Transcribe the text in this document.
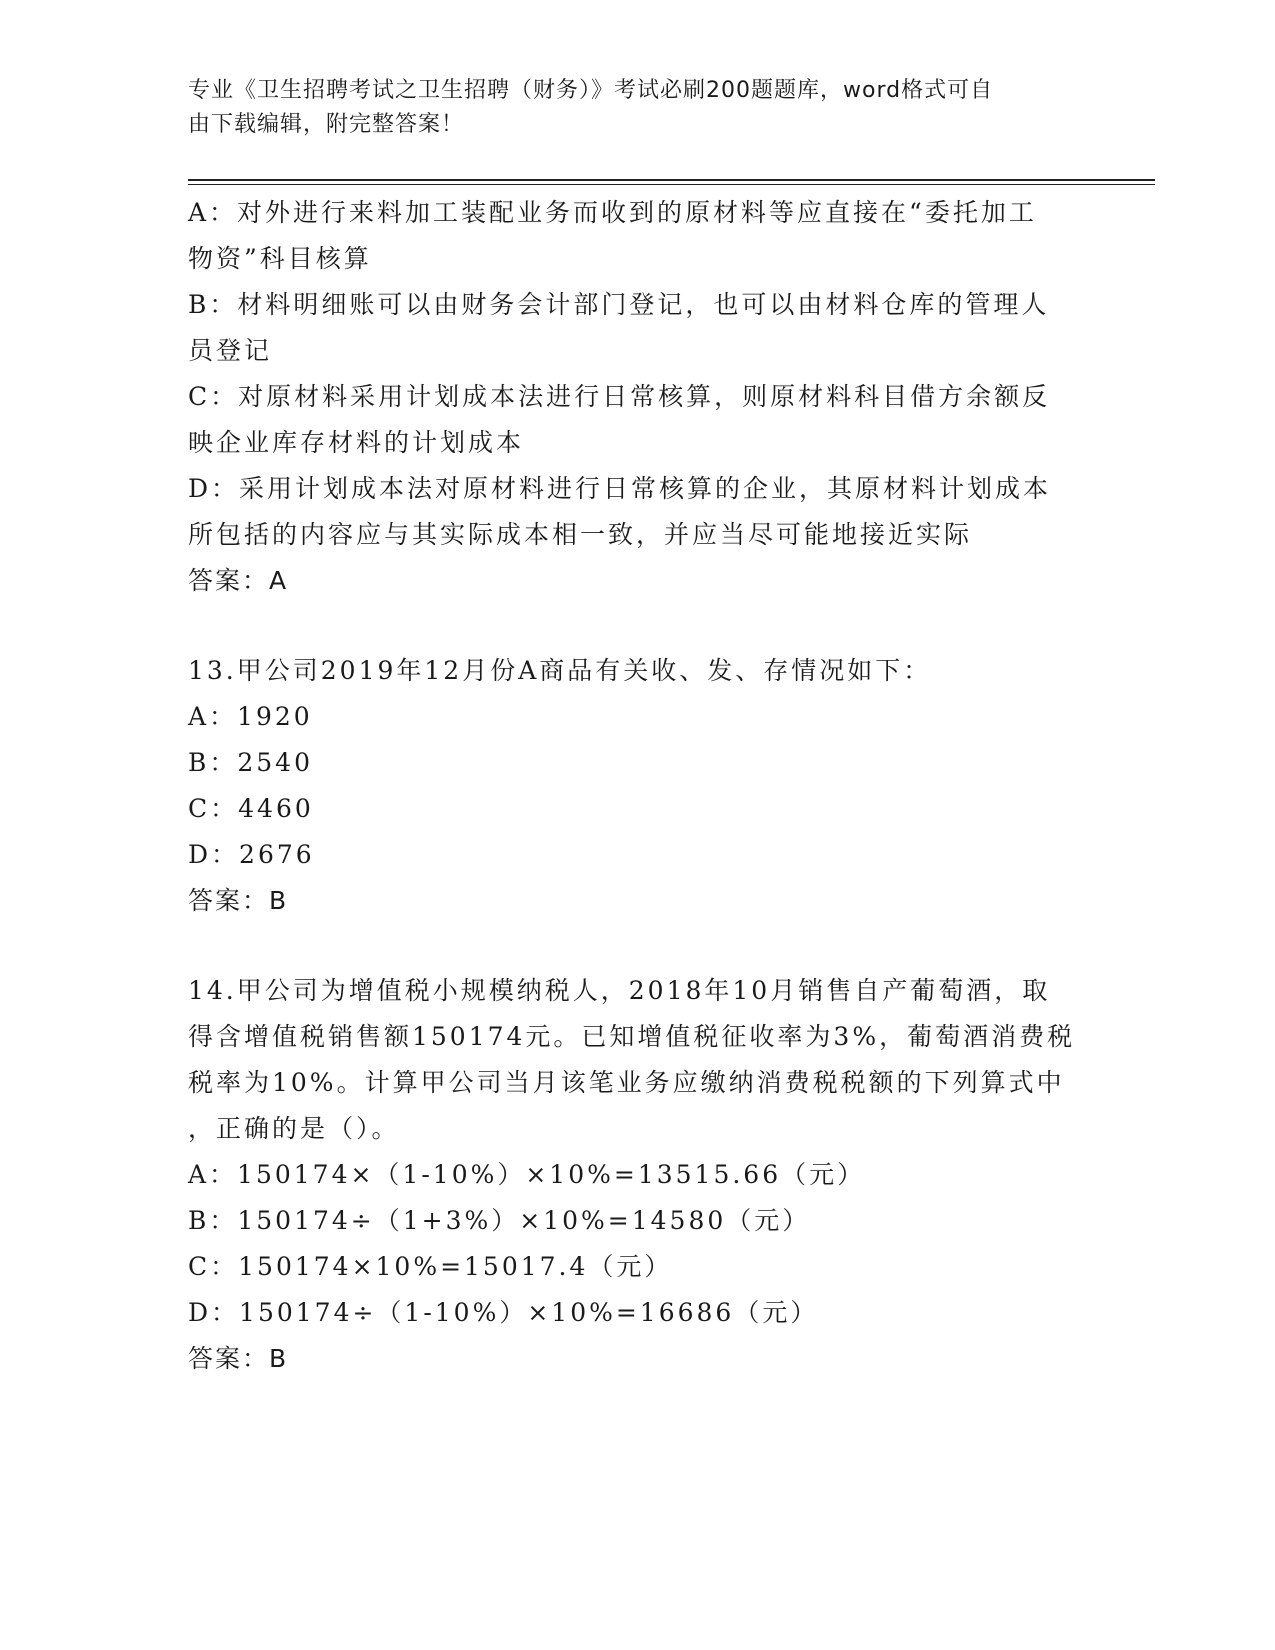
专业《卫生招聘考试之卫生招聘（财务）》考试必刷200题题库，word格式可自
由下载编辑，附完整答案！
A：对外进行来料加工装配业务而收到的原材料等应直接在“委托加工
物资”科目核算
B：材料明细账可以由财务会计部门登记，也可以由材料仓库的管理人
员登记
C：对原材料采用计划成本法进行日常核算，则原材料科目借方余额反
映企业库存材料的计划成本
D：采用计划成本法对原材料进行日常核算的企业，其原材料计划成本
所包括的内容应与其实际成本相一致，并应当尽可能地接近实际
答案：A
13.甲公司2019年12月份A商品有关收、发、存情况如下：
A：1920
B：2540
C：4460
D：2676
答案：B
14.甲公司为增值税小规模纳税人，2018年10月销售自产葡萄酒，取
得含增值税销售额150174元。已知增值税征收率为3%，葡萄酒消费税
税率为10%。计算甲公司当月该笔业务应缴纳消费税税额的下列算式中
，正确的是（）。
A：150174×（1-10%）×10%=13515.66（元）
B：150174÷（1+3%）×10%=14580（元）
C：150174×10%=15017.4（元）
D：150174÷（1-10%）×10%=16686（元）
答案：B
